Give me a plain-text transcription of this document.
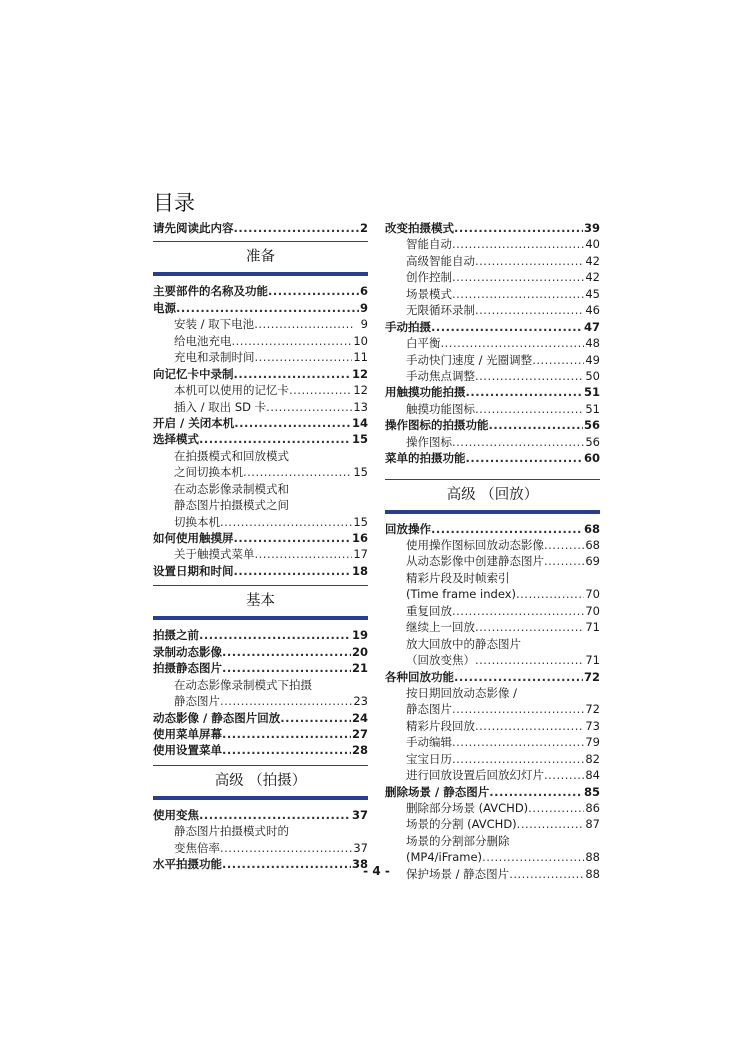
目录
请先阅读此内容 .....	2
准备
主要部件的名称及功能 .....	6
电源 .....	9
安装 / 取下电池 .....	9
给电池充电 .....	10
充电和录制时间 .....	11
向记忆卡中录制 .....	12
本机可以使用的记忆卡 .....	12
插入 / 取出 SD 卡 .....	13
开启 / 关闭本机 .....	14
选择模式 .....	15
在拍摄模式和回放模式
之间切换本机 .....	15
在动态影像录制模式和
静态图片拍摄模式之间
切换本机 .....	15
如何使用触摸屏 .....	16
关于触摸式菜单 .....	17
设置日期和时间 .....	18
基本
拍摄之前 .....	19
录制动态影像 .....	20
拍摄静态图片 .....	21
在动态影像录制模式下拍摄
静态图片 .....	23
动态影像 / 静态图片回放 .....	24
使用菜单屏幕 .....	27
使用设置菜单 .....	28
高级 （拍摄）
使用变焦 .....	37
静态图片拍摄模式时的
变焦倍率 .....	37
水平拍摄功能 .....	38
改变拍摄模式 .....	39
智能自动 .....	40
高级智能自动 .....	42
创作控制 .....	42
场景模式 .....	45
无限循环录制 .....	46
手动拍摄 .....	47
白平衡 .....	48
手动快门速度 / 光圈调整 .....	49
手动焦点调整 .....	50
用触摸功能拍摄 .....	51
触摸功能图标 .....	51
操作图标的拍摄功能 .....	56
操作图标 .....	56
菜单的拍摄功能 .....	60
高级 （回放）
回放操作 .....	68
使用操作图标回放动态影像 .....	68
从动态影像中创建静态图片 .....	69
精彩片段及时帧索引
(Time frame index) .....	70
重复回放 .....	70
继续上一回放 .....	71
放大回放中的静态图片
（回放变焦） .....	71
各种回放功能 .....	72
按日期回放动态影像 /
静态图片 .....	72
精彩片段回放 .....	73
手动编辑 .....	79
宝宝日历 .....	82
进行回放设置后回放幻灯片 .....	84
删除场景 / 静态图片 .....	85
删除部分场景 (AVCHD) .....	86
场景的分割 (AVCHD) .....	87
场景的分割部分删除
(MP4/iFrame) .....	88
保护场景 / 静态图片 .....	88
- 4 -
